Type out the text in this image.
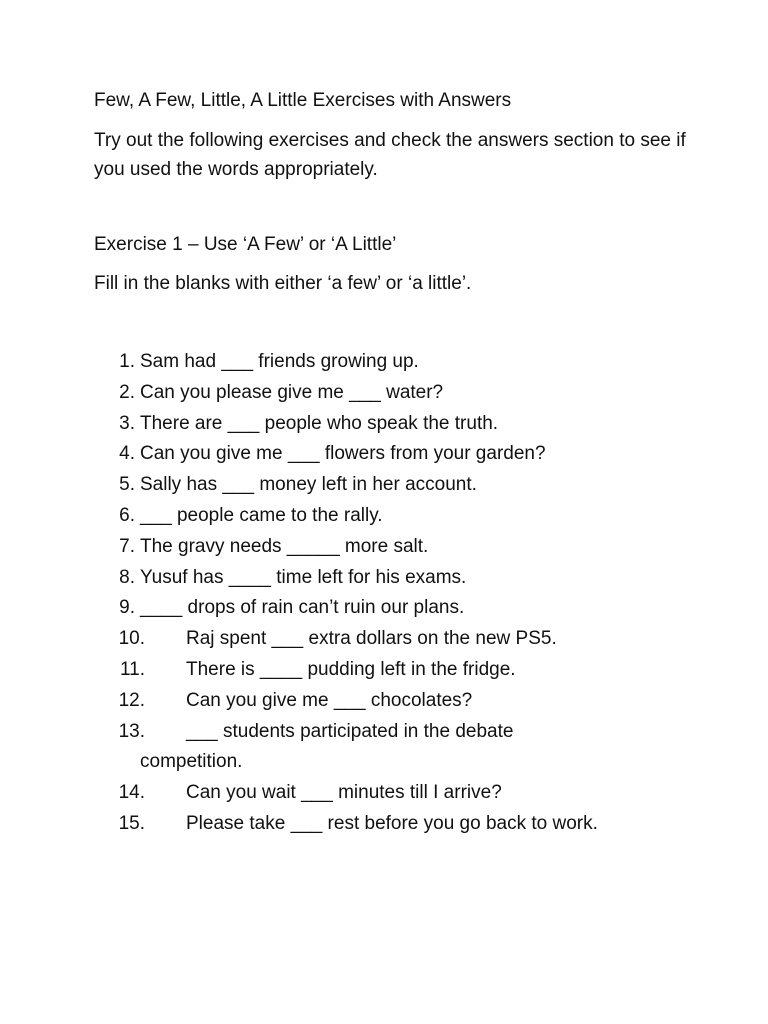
Few, A Few, Little, A Little Exercises with Answers
Try out the following exercises and check the answers section to see if you used the words appropriately.
Exercise 1 – Use ‘A Few’ or ‘A Little’
Fill in the blanks with either ‘a few’ or ‘a little’.
1. Sam had ___ friends growing up.
2. Can you please give me ___ water?
3. There are ___ people who speak the truth.
4. Can you give me ___ flowers from your garden?
5. Sally has ___ money left in her account.
6. ___ people came to the rally.
7. The gravy needs _____ more salt.
8. Yusuf has ____ time left for his exams.
9. ____ drops of rain can’t ruin our plans.
10. Raj spent ___ extra dollars on the new PS5.
11. There is ____ pudding left in the fridge.
12. Can you give me ___ chocolates?
13. ___ students participated in the debate
competition.
14. Can you wait ___ minutes till I arrive?
15. Please take ___ rest before you go back to work.
